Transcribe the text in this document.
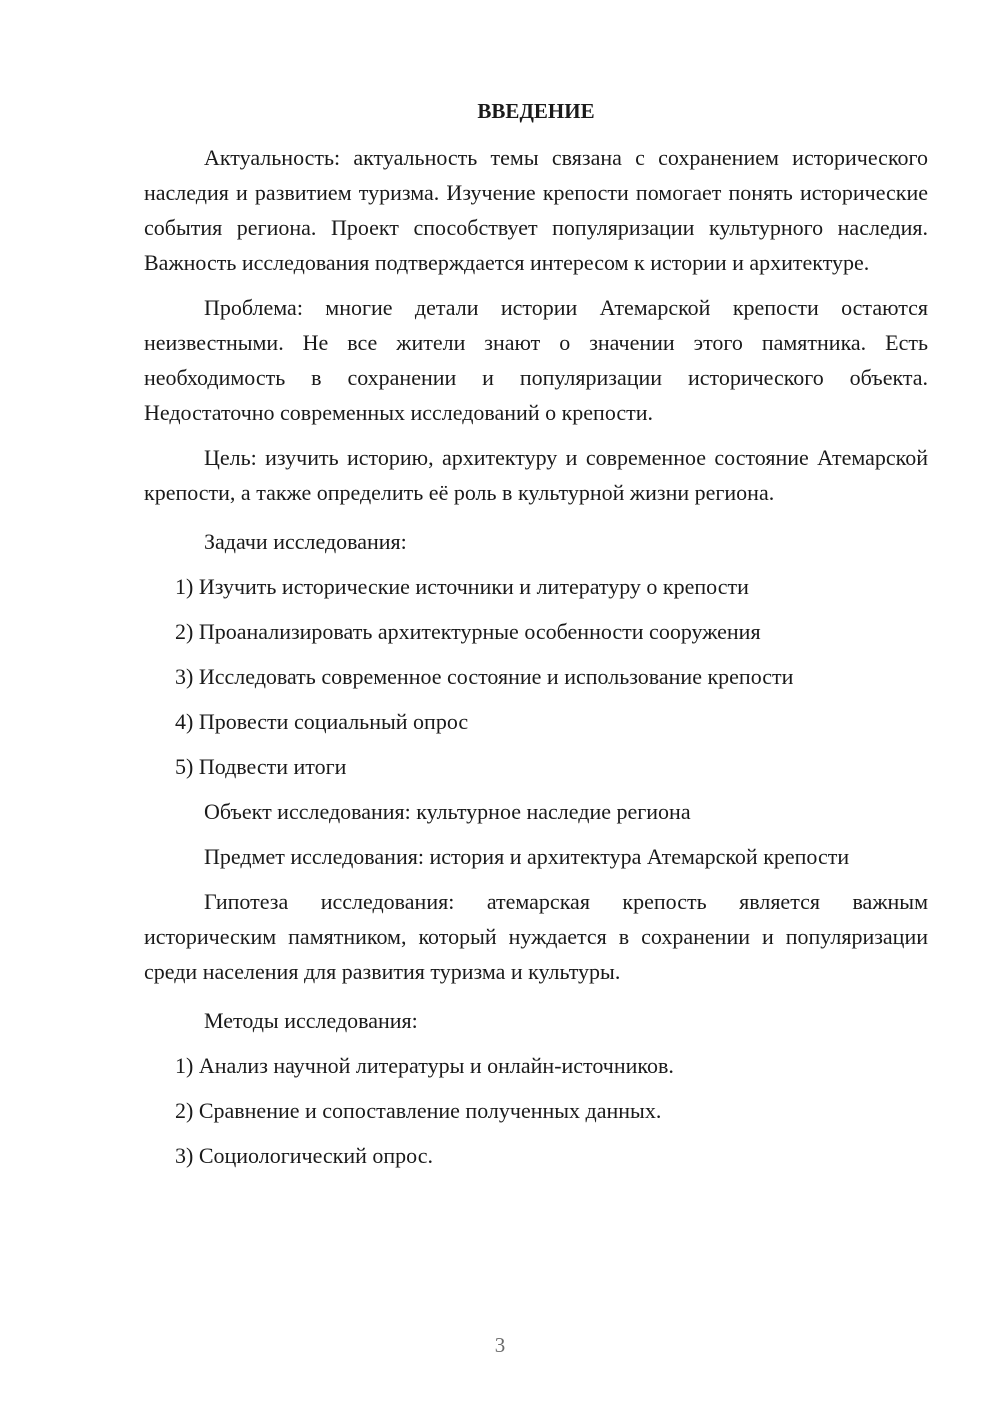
ВВЕДЕНИЕ

Актуальность: актуальность темы связана с сохранением исторического наследия и развитием туризма. Изучение крепости помогает понять исторические события региона. Проект способствует популяризации культурного наследия. Важность исследования подтверждается интересом к истории и архитектуре.

Проблема: многие детали истории Атемарской крепости остаются неизвестными. Не все жители знают о значении этого памятника. Есть необходимость в сохранении и популяризации исторического объекта. Недостаточно современных исследований о крепости.

Цель: изучить историю, архитектуру и современное состояние Атемарской крепости, а также определить её роль в культурной жизни региона.

Задачи исследования:
1) Изучить исторические источники и литературу о крепости
2) Проанализировать архитектурные особенности сооружения
3) Исследовать современное состояние и использование крепости
4) Провести социальный опрос
5) Подвести итоги

Объект исследования: культурное наследие региона

Предмет исследования: история и архитектура Атемарской крепости

Гипотеза исследования: атемарская крепость является важным историческим памятником, который нуждается в сохранении и популяризации среди населения для развития туризма и культуры.

Методы исследования:
1) Анализ научной литературы и онлайн-источников.
2) Сравнение и сопоставление полученных данных.
3) Социологический опрос.
3
